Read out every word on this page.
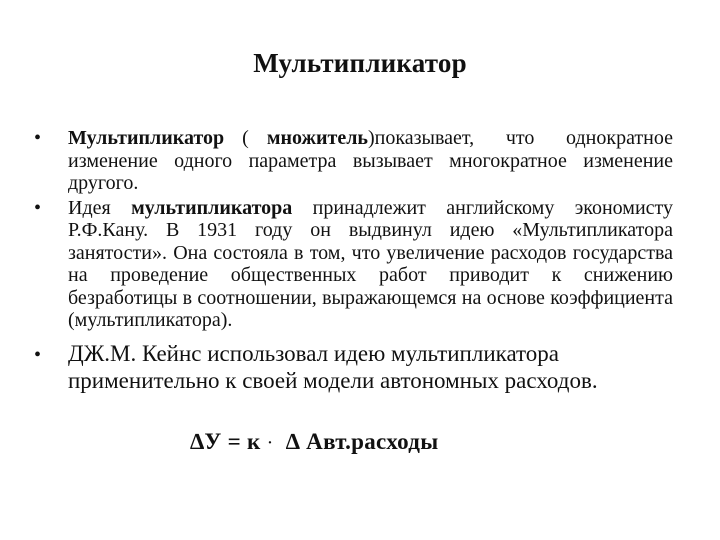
Мультипликатор
• Мультипликатор ( множитель)показывает, что однократное изменение одного параметра вызывает многократное изменение другого.
• Идея мультипликатора принадлежит английскому экономисту Р.Ф.Кану. В 1931 году он выдвинул идею «Мультипликатора занятости». Она состояла в том, что увеличение расходов государства на проведение общественных работ приводит к снижению безработицы в соотношении, выражающемся на основе коэффициента (мультипликатора).
• ДЖ.М. Кейнс использовал идею мультипликатора применительно к своей модели автономных расходов.
∆У = к ·  ∆ Авт.расходы
